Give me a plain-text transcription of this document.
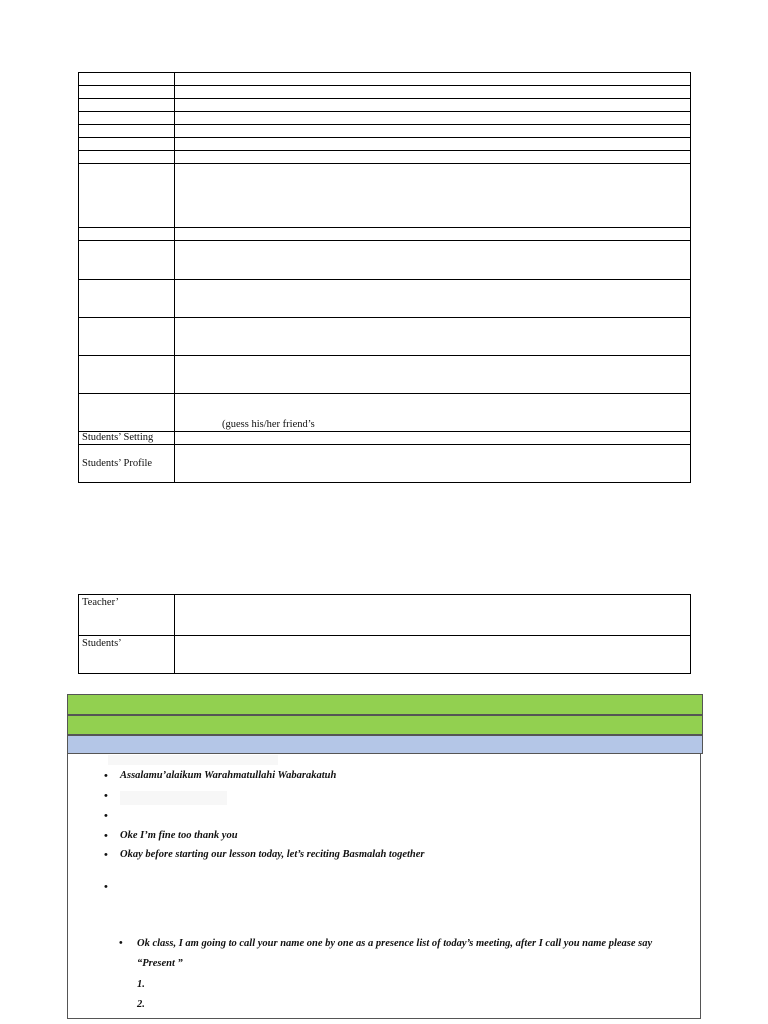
	(guess his/her friend’s

Students’ Setting	
Students’ Profile	
Teacher’	
Students’	
• Assalamu’alaikum Warahmatullahi Wabarakatuh
•
•
• Oke I’m fine too thank you
• Okay before starting our lesson today, let’s reciting Basmalah together
•
• Ok class, I am going to call your name one by one as a presence list of today’s meeting, after I call you name please say
“Present ”
1.
2.
